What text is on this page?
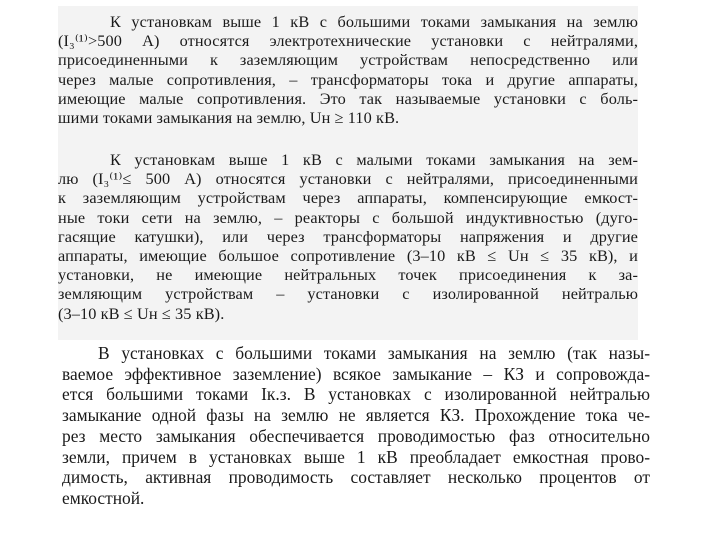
К установкам выше 1 кВ с большими токами замыкания на землю
(I₃⁽¹⁾>500 А) относятся электротехнические установки с нейтралями,
присоединенными к заземляющим устройствам непосредственно или
через малые сопротивления, – трансформаторы тока и другие аппараты,
имеющие малые сопротивления. Это так называемые установки с боль-
шими токами замыкания на землю, Uн ≥ 110 кВ.
К установкам выше 1 кВ с малыми токами замыкания на зем-
лю (I₃⁽¹⁾≤ 500 А) относятся установки с нейтралями, присоединенными
к заземляющим устройствам через аппараты, компенсирующие емкост-
ные токи сети на землю, – реакторы с большой индуктивностью (дуго-
гасящие катушки), или через трансформаторы напряжения и другие
аппараты, имеющие большое сопротивление (3–10 кВ ≤ Uн ≤ 35 кВ), и
установки, не имеющие нейтральных точек присоединения к за-
земляющим устройствам – установки с изолированной нейтралью
(3–10 кВ ≤ Uн ≤ 35 кВ).
В установках с большими токами замыкания на землю (так назы-
ваемое эффективное заземление) всякое замыкание – КЗ и сопровожда-
ется большими токами Iк.з. В установках с изолированной нейтралью
замыкание одной фазы на землю не является КЗ. Прохождение тока че-
рез место замыкания обеспечивается проводимостью фаз относительно
земли, причем в установках выше 1 кВ преобладает емкостная прово-
димость, активная проводимость составляет несколько процентов от
емкостной.
